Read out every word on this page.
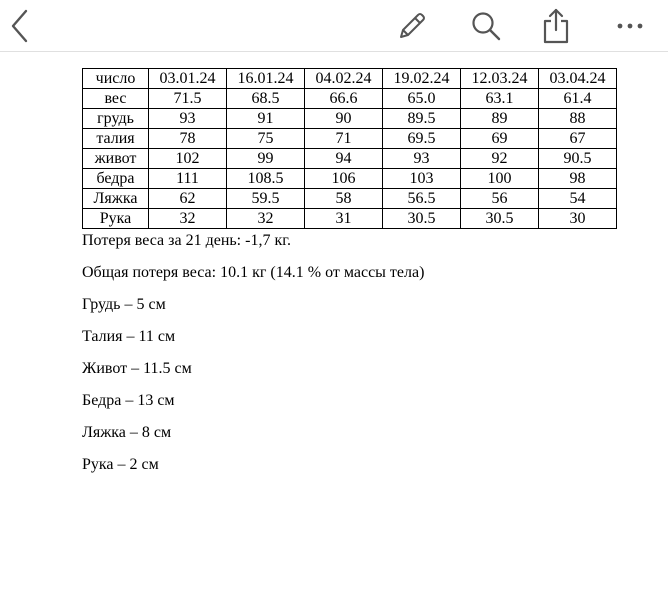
число	03.01.24	16.01.24	04.02.24	19.02.24	12.03.24	03.04.24
вес	71.5	68.5	66.6	65.0	63.1	61.4
грудь	93	91	90	89.5	89	88
талия	78	75	71	69.5	69	67
живот	102	99	94	93	92	90.5
бедра	111	108.5	106	103	100	98
Ляжка	62	59.5	58	56.5	56	54
Рука	32	32	31	30.5	30.5	30

Потеря веса за 21 день: -1,7 кг.

Общая потеря веса: 10.1 кг (14.1 % от массы тела)

Грудь – 5 см

Талия – 11 см

Живот – 11.5 см

Бедра – 13 см

Ляжка – 8 см

Рука – 2 см
